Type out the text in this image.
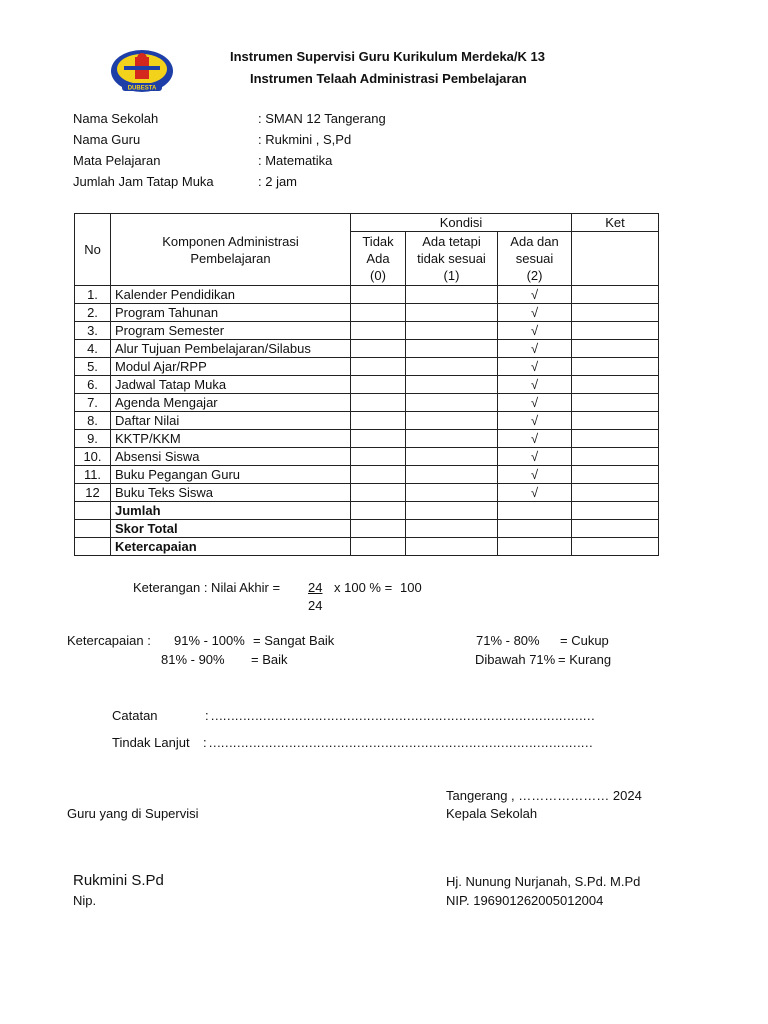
DUBESTA
Instrumen Supervisi Guru Kurikulum Merdeka/K 13
Instrumen Telaah Administrasi Pembelajaran
Nama Sekolah	: SMAN 12 Tangerang
Nama Guru	: Rukmini , S,Pd
Mata Pelajaran	: Matematika
Jumlah Jam Tatap Muka	: 2 jam
No	Komponen Administrasi Pembelajaran	Kondisi			Ket
		Tidak Ada (0)	Ada tetapi tidak sesuai (1)	Ada dan sesuai (2)	
1.	Kalender Pendidikan			√	
2.	Program Tahunan			√	
3.	Program Semester			√	
4.	Alur Tujuan Pembelajaran/Silabus			√	
5.	Modul Ajar/RPP			√	
6.	Jadwal Tatap Muka			√	
7.	Agenda Mengajar			√	
8.	Daftar Nilai			√	
9.	KKTP/KKM			√	
10.	Absensi Siswa			√	
11.	Buku Pegangan Guru			√	
12	Buku Teks Siswa			√	
	Jumlah				
	Skor Total				
	Ketercapaian				
Keterangan : Nilai Akhir = 24 x 100 % = 100
24
Ketercapaian : 91% - 100% = Sangat Baik
81% - 90% = Baik
71% - 80% = Cukup
Dibawah 71% = Kurang
Catatan	: ……………………………………………………………………………………
Tindak Lanjut : ……………………………………………………………………………………
Tangerang , ………………… 2024
Guru yang di Supervisi	Kepala Sekolah
Rukmini S.Pd
Nip.
Hj. Nunung Nurjanah, S.Pd. M.Pd
NIP. 196901262005012004
